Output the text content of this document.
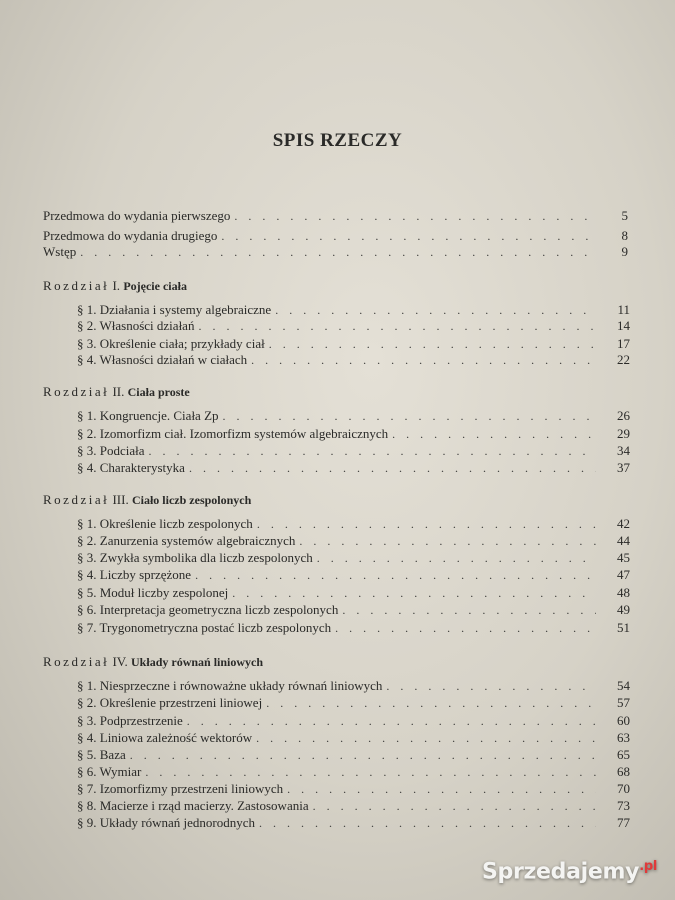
SPIS RZECZY
Przedmowa do wydania pierwszego . . .	5
Przedmowa do wydania drugiego . . .	8
Wstęp . . .	9
Rozdział I. Pojęcie ciała
§ 1. Działania i systemy algebraiczne . . .	11
§ 2. Własności działań . . .	14
§ 3. Określenie ciała; przykłady ciał . . .	17
§ 4. Własności działań w ciałach . . .	22
Rozdział II. Ciała proste
§ 1. Kongruencje. Ciała Zp . . .	26
§ 2. Izomorfizm ciał. Izomorfizm systemów algebraicznych . . .	29
§ 3. Podciała . . .	34
§ 4. Charakterystyka . . .	37
Rozdział III. Ciało liczb zespolonych
§ 1. Określenie liczb zespolonych . . .	42
§ 2. Zanurzenia systemów algebraicznych . . .	44
§ 3. Zwykła symbolika dla liczb zespolonych . . .	45
§ 4. Liczby sprzężone . . .	47
§ 5. Moduł liczby zespolonej . . .	48
§ 6. Interpretacja geometryczna liczb zespolonych . . .	49
§ 7. Trygonometryczna postać liczb zespolonych . . .	51
Rozdział IV. Układy równań liniowych
§ 1. Niesprzeczne i równoważne układy równań liniowych . . .	54
§ 2. Określenie przestrzeni liniowej . . .	57
§ 3. Podprzestrzenie . . .	60
§ 4. Liniowa zależność wektorów . . .	63
§ 5. Baza . . .	65
§ 6. Wymiar . . .	68
§ 7. Izomorfizmy przestrzeni liniowych . . .	70
§ 8. Macierze i rząd macierzy. Zastosowania . . .	73
§ 9. Układy równań jednorodnych . . .	77
Sprzedajemy$^{.pl}$
